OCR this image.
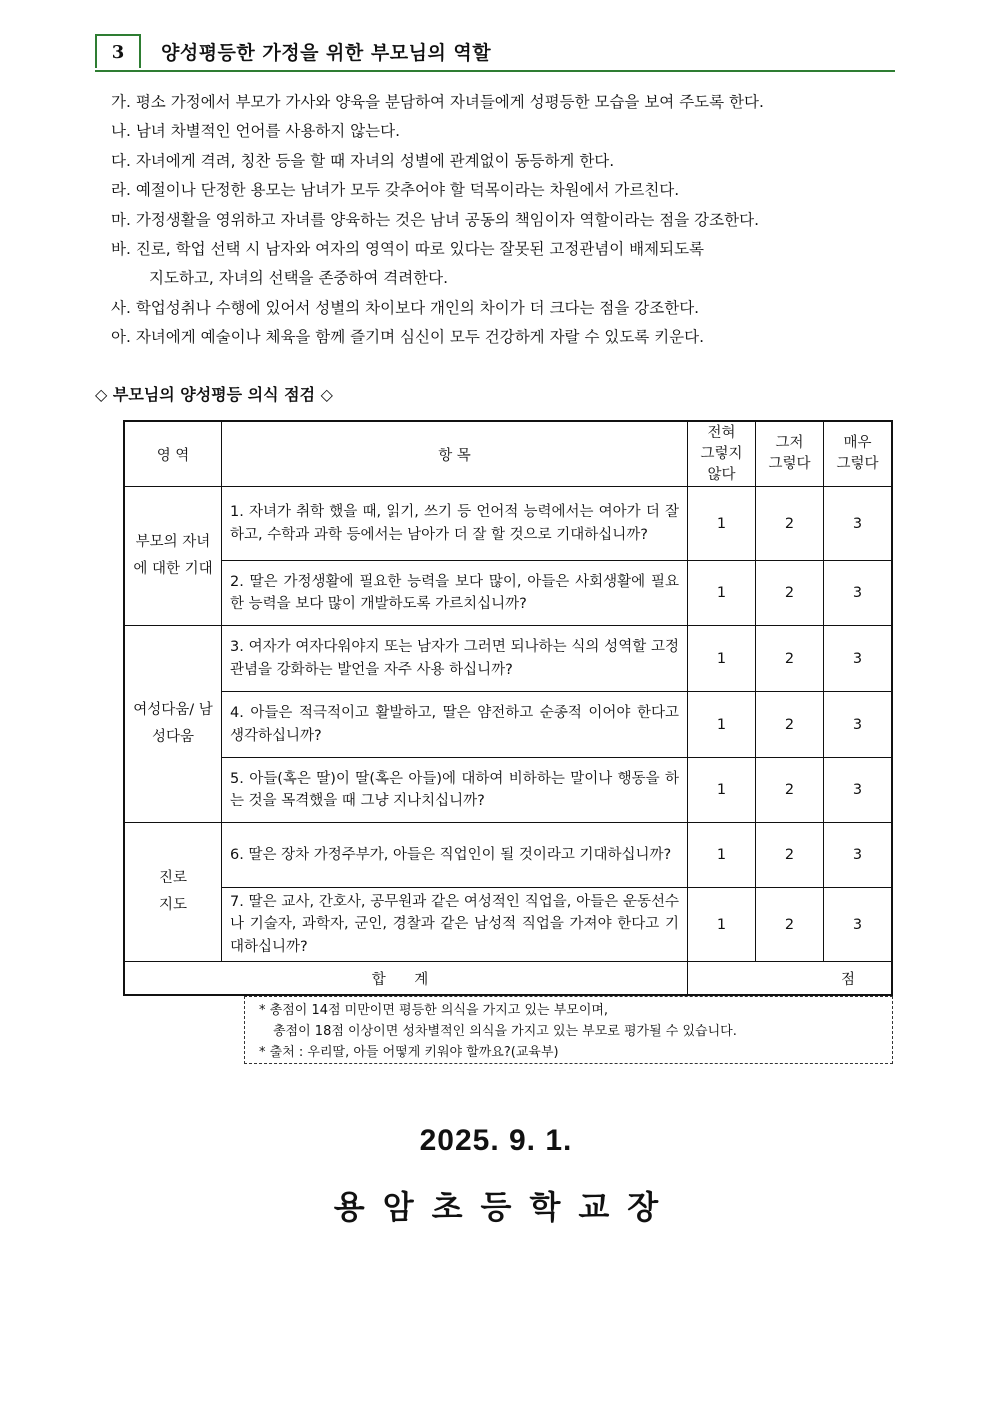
3	양성평등한 가정을 위한 부모님의 역할
가. 평소 가정에서 부모가 가사와 양육을 분담하여 자녀들에게 성평등한 모습을 보여 주도록 한다.
나. 남녀 차별적인 언어를 사용하지 않는다.
다. 자녀에게 격려, 칭찬 등을 할 때 자녀의 성별에 관계없이 동등하게 한다.
라. 예절이나 단정한 용모는 남녀가 모두 갖추어야 할 덕목이라는 차원에서 가르친다.
마. 가정생활을 영위하고 자녀를 양육하는 것은 남녀 공동의 책임이자 역할이라는 점을 강조한다.
바. 진로, 학업 선택 시 남자와 여자의 영역이 따로 있다는 잘못된 고정관념이 배제되도록
지도하고, 자녀의 선택을 존중하여 격려한다.
사. 학업성취나 수행에 있어서 성별의 차이보다 개인의 차이가 더 크다는 점을 강조한다.
아. 자녀에게 예술이나 체육을 함께 즐기며 심신이 모두 건강하게 자랄 수 있도록 키운다.
◇ 부모님의 양성평등 의식 점검 ◇
영 역	항 목	전혀 그렇지 않다	그저 그렇다	매우 그렇다

부모의 자녀에 대한 기대	1. 자녀가 취학 했을 때, 읽기, 쓰기 등 언어적 능력에서는 여아가 더 잘하고, 수학과 과학 등에서는 남아가 더 잘 할 것으로 기대하십니까?	1	2	3
	2. 딸은 가정생활에 필요한 능력을 보다 많이, 아들은 사회생활에 필요한 능력을 보다 많이 개발하도록 가르치십니까?	1	2	3

여성다움/ 남성다움	3. 여자가 여자다워야지 또는 남자가 그러면 되나하는 식의 성역할 고정관념을 강화하는 발언을 자주 사용 하십니까?	1	2	3
	4. 아들은 적극적이고 활발하고, 딸은 얌전하고 순종적 이어야 한다고 생각하십니까?	1	2	3
	5. 아들(혹은 딸)이 딸(혹은 아들)에 대하여 비하하는 말이나 행동을 하는 것을 목격했을 때 그냥 지나치십니까?	1	2	3

진로 지도	6. 딸은 장차 가정주부가, 아들은 직업인이 될 것이라고 기대하십니까?	1	2	3
	7. 딸은 교사, 간호사, 공무원과 같은 여성적인 직업을, 아들은 운동선수나 기술자, 과학자, 군인, 경찰과 같은 남성적 직업을 가져야 한다고 기대하십니까?	1	2	3
합 계		점		
* 총점이 14점 미만이면 평등한 의식을 가지고 있는 부모이며,
총점이 18점 이상이면 성차별적인 의식을 가지고 있는 부모로 평가될 수 있습니다.
* 출처 : 우리딸, 아들 어떻게 키워야 할까요?(교육부)
2025. 9. 1.
용암초등학교장
